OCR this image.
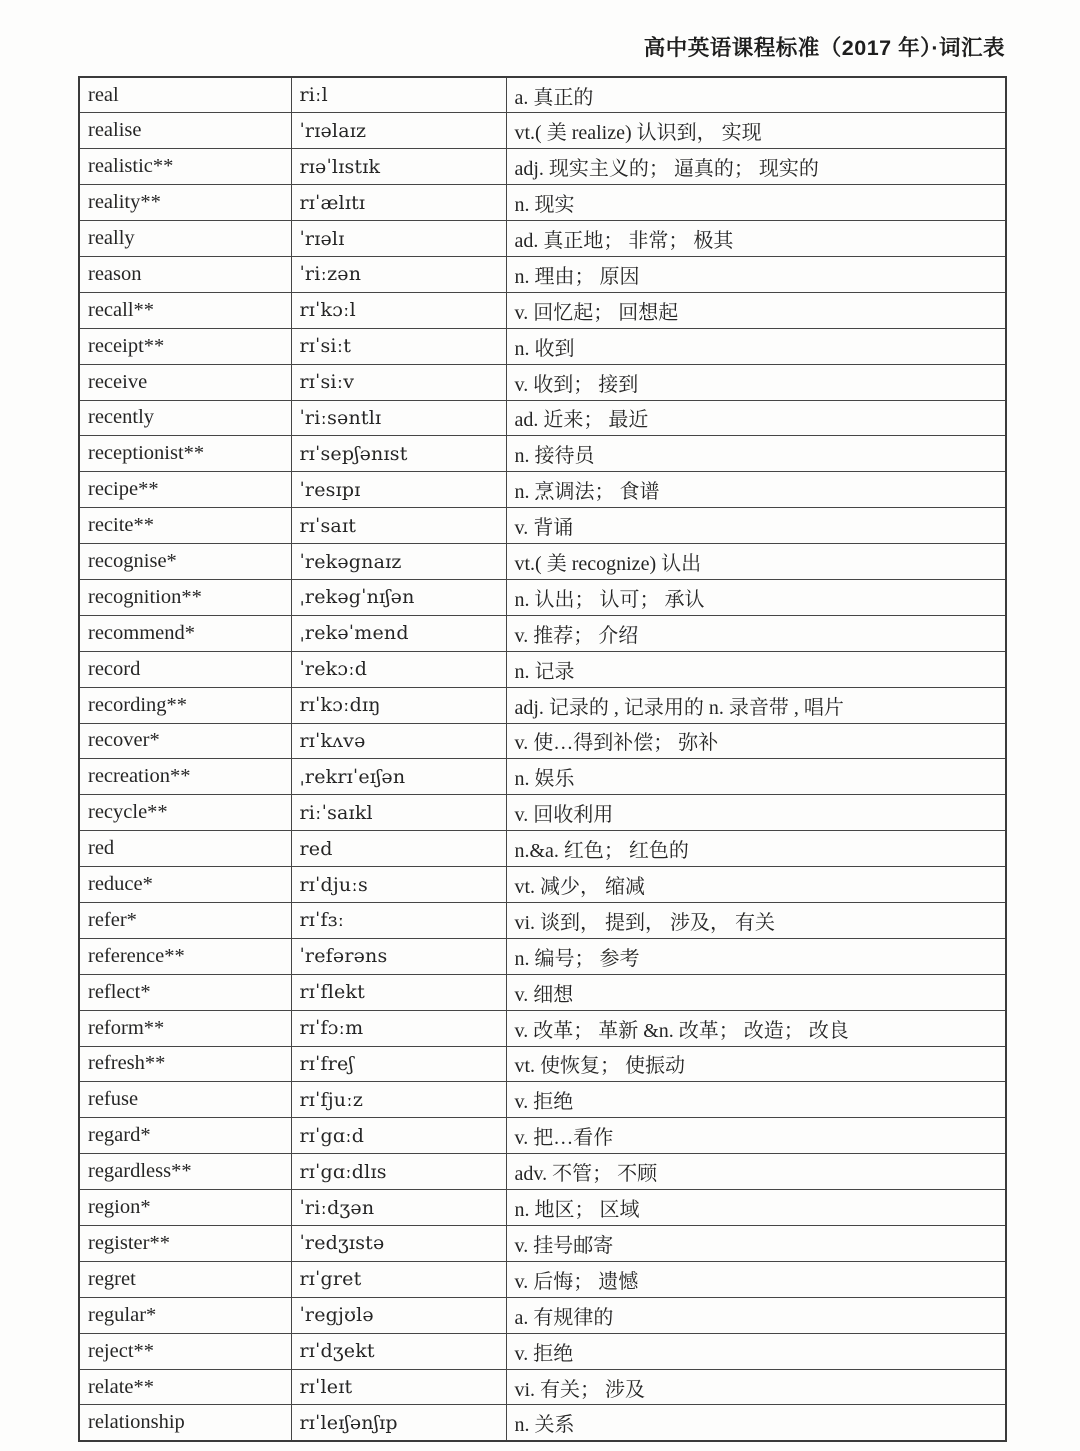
高中英语课程标准（2017 年）·词汇表
real	riːl	a. 真正的
realise	ˈrɪəlaɪz	vt.( 美 realize) 认识到， 实现
realistic**	rɪəˈlɪstɪk	adj. 现实主义的； 逼真的； 现实的
reality**	rɪˈælɪtɪ	n. 现实
really	ˈrɪəlɪ	ad. 真正地； 非常； 极其
reason	ˈriːzən	n. 理由； 原因
recall**	rɪˈkɔːl	v. 回忆起； 回想起
receipt**	rɪˈsiːt	n. 收到
receive	rɪˈsiːv	v. 收到； 接到
recently	ˈriːsəntlɪ	ad. 近来； 最近
receptionist**	rɪˈsepʃənɪst	n. 接待员
recipe**	ˈresɪpɪ	n. 烹调法； 食谱
recite**	rɪˈsaɪt	v. 背诵
recognise*	ˈrekəgnaɪz	vt.( 美 recognize) 认出
recognition**	ˌrekəgˈnɪʃən	n. 认出； 认可； 承认
recommend*	ˌrekəˈmend	v. 推荐； 介绍
record	ˈrekɔːd	n. 记录
recording**	rɪˈkɔːdɪŋ	adj. 记录的 , 记录用的 n. 录音带 , 唱片
recover*	rɪˈkʌvə	v. 使…得到补偿； 弥补
recreation**	ˌrekrɪˈeɪʃən	n. 娱乐
recycle**	riːˈsaɪkl	v. 回收利用
red	red	n.&a. 红色； 红色的
reduce*	rɪˈdjuːs	vt. 减少， 缩减
refer*	rɪˈfɜː	vi. 谈到， 提到， 涉及， 有关
reference**	ˈrefərəns	n. 编号； 参考
reflect*	rɪˈflekt	v. 细想
reform**	rɪˈfɔːm	v. 改革； 革新 &n. 改革； 改造； 改良
refresh**	rɪˈfreʃ	vt. 使恢复； 使振动
refuse	rɪˈfjuːz	v. 拒绝
regard*	rɪˈgɑːd	v. 把…看作
regardless**	rɪˈgɑːdlɪs	adv. 不管； 不顾
region*	ˈriːdʒən	n. 地区； 区域
register**	ˈredʒɪstə	v. 挂号邮寄
regret	rɪˈgret	v. 后悔； 遗憾
regular*	ˈregjʊlə	a. 有规律的
reject**	rɪˈdʒekt	v. 拒绝
relate**	rɪˈleɪt	vi. 有关； 涉及
relationship	rɪˈleɪʃənʃɪp	n. 关系
